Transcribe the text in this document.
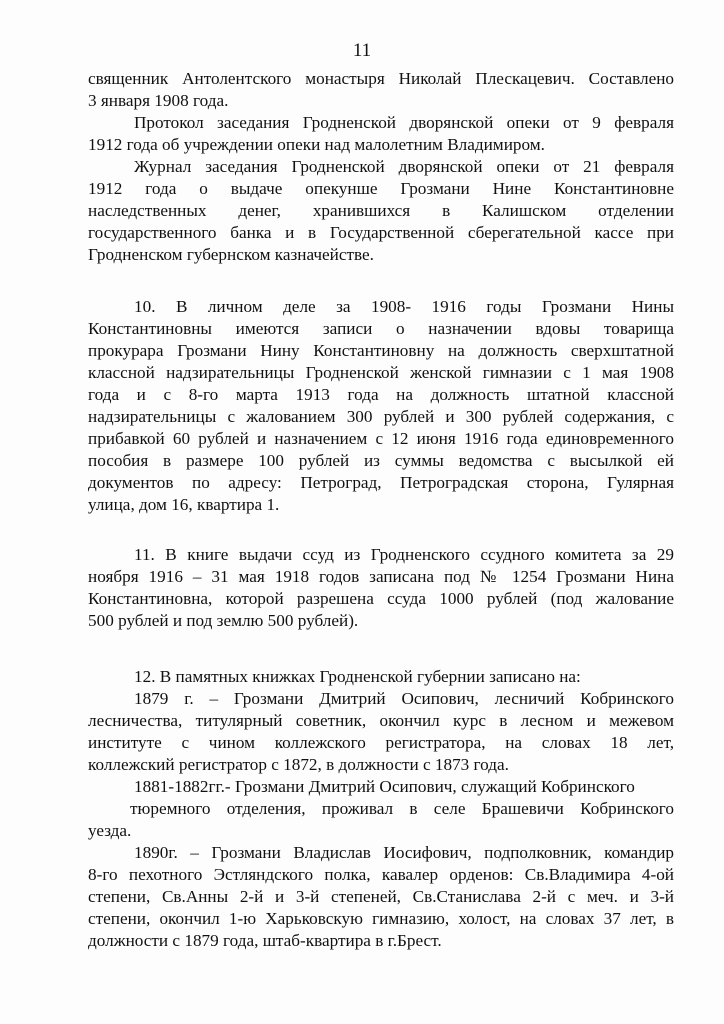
11

священник Антолентского монастыря Николай Плескацевич. Составлено

3 января 1908 года.

Протокол заседания Гродненской дворянской опеки от 9 февраля

1912 года об учреждении опеки над малолетним Владимиром.

Журнал заседания Гродненской дворянской опеки от 21 февраля

1912 года о выдаче опекунше Грозмани Нине Константиновне

наследственных денег, хранившихся в Калишском отделении

государственного банка и в Государственной сберегательной кассе при

Гродненском губернском казначействе.

10. В личном деле за 1908- 1916 годы Грозмани Нины

Константиновны имеются записи о назначении вдовы товарища

прокурара Грозмани Нину Константиновну на должность сверхштатной

классной надзирательницы Гродненской женской гимназии с 1 мая 1908

года и с 8-го марта 1913 года на должность штатной классной

надзирательницы с жалованием 300 рублей и 300 рублей содержания, с

прибавкой 60 рублей и назначением с 12 июня 1916 года единовременного

пособия в размере 100 рублей из суммы ведомства с высылкой ей

документов по адресу: Петроград, Петроградская сторона, Гулярная

улица, дом 16, квартира 1.

11. В книге выдачи ссуд из Гродненского ссудного комитета за 29

ноября 1916 – 31 мая 1918 годов записана под № 1254 Грозмани Нина

Константиновна, которой разрешена ссуда 1000 рублей (под жалование

500 рублей и под землю 500 рублей).

12. В памятных книжках Гродненской губернии записано на:

1879 г. – Грозмани Дмитрий Осипович, лесничий Кобринского

лесничества, титулярный советник, окончил курс в лесном и межевом

институте с чином коллежского регистратора, на словах 18 лет,

коллежский регистратор с 1872, в должности с 1873 года.

1881-1882гг.- Грозмани Дмитрий Осипович, служащий Кобринского

тюремного отделения, проживал в селе Брашевичи Кобринского

уезда.

1890г. – Грозмани Владислав Иосифович, подполковник, командир

8-го пехотного Эстляндского полка, кавалер орденов: Св.Владимира 4-ой

степени, Св.Анны 2-й и 3-й степеней, Св.Станислава 2-й с меч. и 3-й

степени, окончил 1-ю Харьковскую гимназию, холост, на словах 37 лет, в

должности с 1879 года, штаб-квартира в г.Брест.
